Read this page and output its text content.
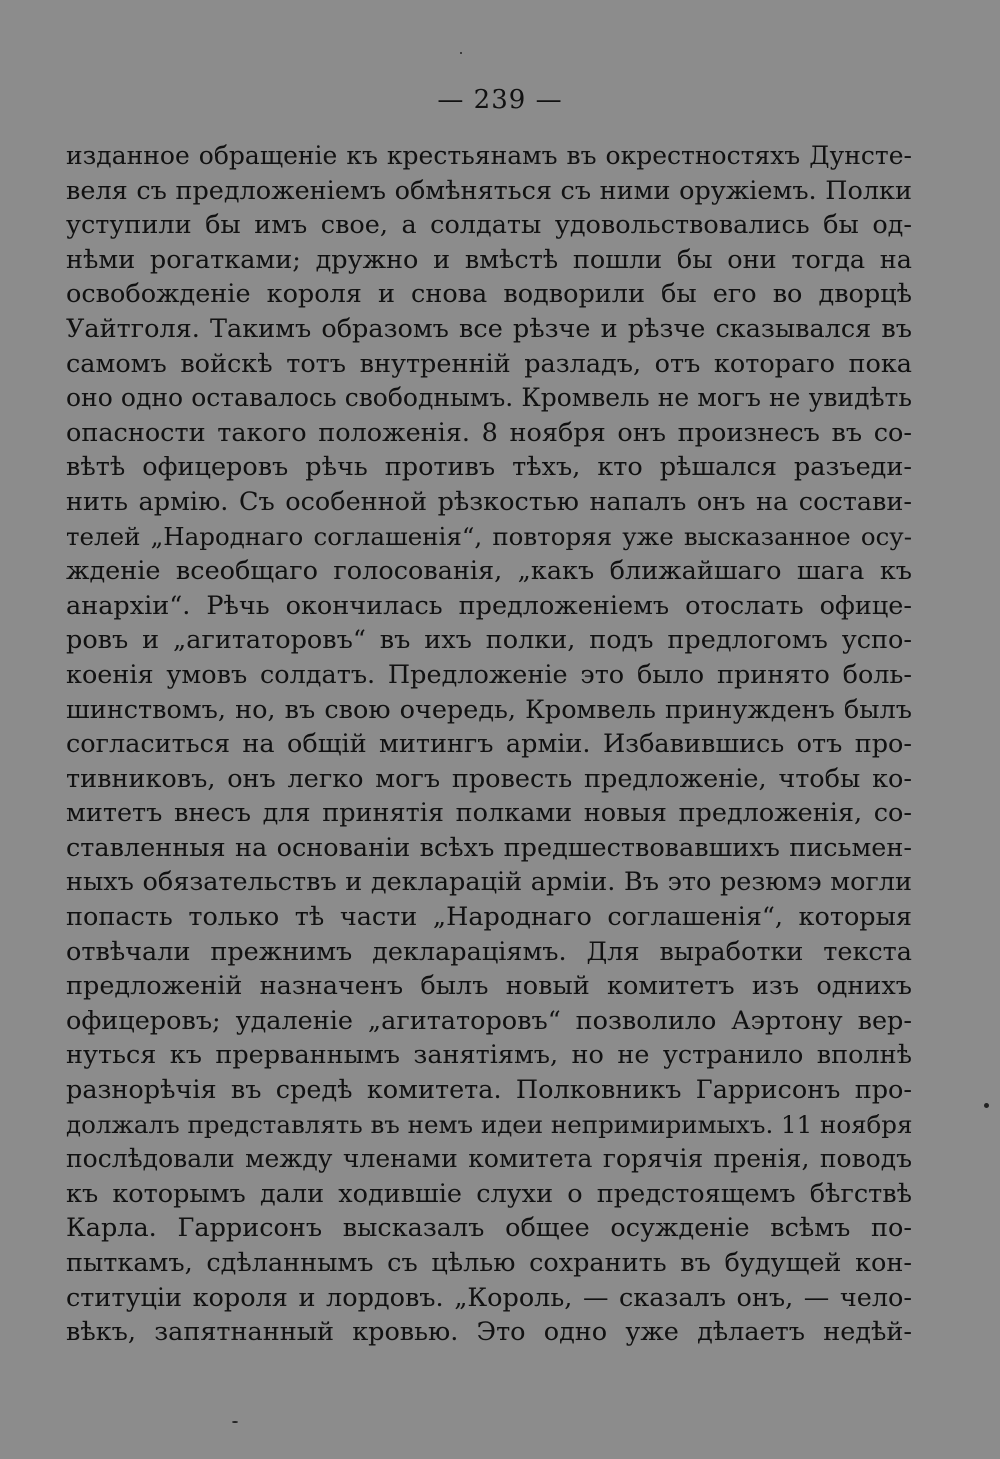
— 239 —
изданное обращеніе къ крестьянамъ въ окрестностяхъ Дунсте-
веля съ предложеніемъ обмѣняться съ ними оружіемъ. Полки
уступили бы имъ свое, а солдаты удовольствовались бы од-
нѣми рогатками; дружно и вмѣстѣ пошли бы они тогда на
освобожденіе короля и снова водворили бы его во дворцѣ
Уайтголя. Такимъ образомъ все рѣзче и рѣзче сказывался въ
самомъ войскѣ тотъ внутренній разладъ, отъ котораго пока
оно одно оставалось свободнымъ. Кромвель не могъ не увидѣть
опасности такого положенія. 8 ноября онъ произнесъ въ со-
вѣтѣ офицеровъ рѣчь противъ тѣхъ, кто рѣшался разъеди-
нить армію. Съ особенной рѣзкостью напалъ онъ на состави-
телей „Народнаго соглашенія“, повторяя уже высказанное осу-
жденіе всеобщаго голосованія, „какъ ближайшаго шага къ
анархіи“. Рѣчь окончилась предложеніемъ отослать офице-
ровъ и „агитаторовъ“ въ ихъ полки, подъ предлогомъ успо-
коенія умовъ солдатъ. Предложеніе это было принято боль-
шинствомъ, но, въ свою очередь, Кромвель принужденъ былъ
согласиться на общій митингъ арміи. Избавившись отъ про-
тивниковъ, онъ легко могъ провесть предложеніе, чтобы ко-
митетъ внесъ для принятія полками новыя предложенія, со-
ставленныя на основаніи всѣхъ предшествовавшихъ письмен-
ныхъ обязательствъ и декларацій арміи. Въ это резюмэ могли
попасть только тѣ части „Народнаго соглашенія“, которыя
отвѣчали прежнимъ декларацiямъ. Для выработки текста
предложеній назначенъ былъ новый комитетъ изъ однихъ
офицеровъ; удаленіе „агитаторовъ“ позволило Аэртону вер-
нуться къ прерваннымъ занятіямъ, но не устранило вполнѣ
разнорѣчія въ средѣ комитета. Полковникъ Гаррисонъ про-
должалъ представлять въ немъ идеи непримиримыхъ. 11 ноября
послѣдовали между членами комитета горячія пренія, поводъ
къ которымъ дали ходившіе слухи о предстоящемъ бѣгствѣ
Карла. Гаррисонъ высказалъ общее осужденіе всѣмъ по-
пыткамъ, сдѣланнымъ съ цѣлью сохранить въ будущей кон-
ституціи короля и лордовъ. „Король, — сказалъ онъ, — чело-
вѣкъ, запятнанный кровью. Это одно уже дѣлаетъ недѣй-
